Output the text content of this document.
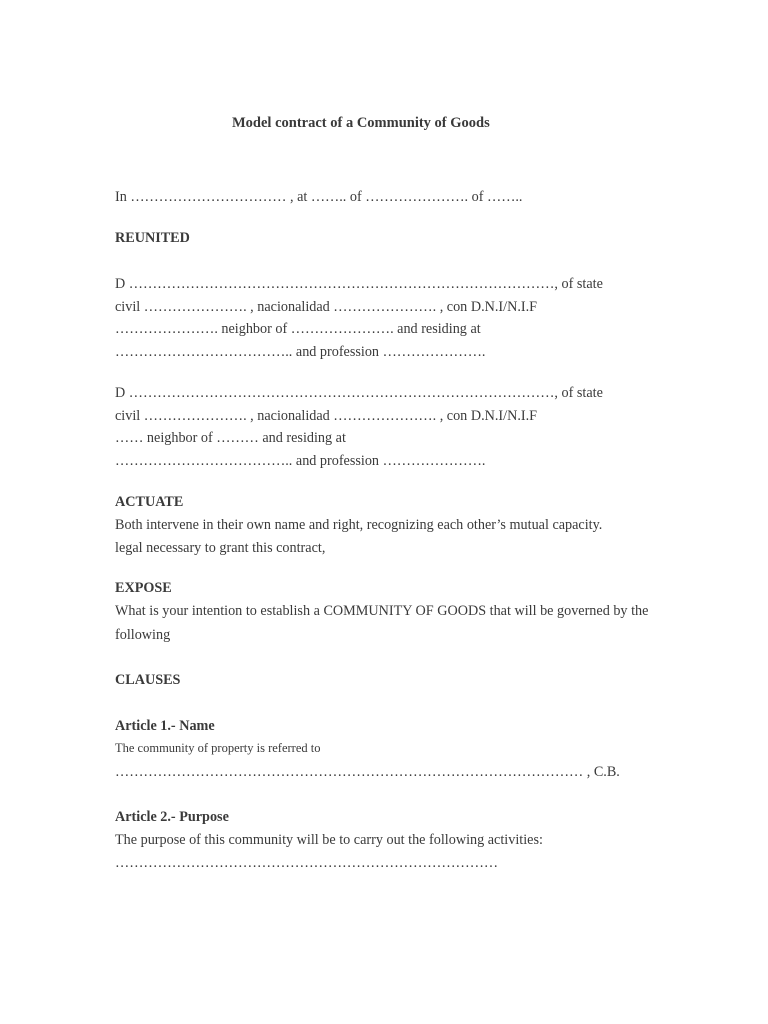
Model contract of a Community of Goods
In …………………………… , at …….. of …………………. of ……..
REUNITED
D ………………………………………………………………………………, of state
civil …………………. , nacionalidad …………………. , con D.N.I/N.I.F
…………………. neighbor of …………………. and residing at
……………………………….. and profession ………………….
D ………………………………………………………………………………, of state
civil …………………. , nacionalidad …………………. , con D.N.I/N.I.F
…… neighbor of ……… and residing at
……………………………….. and profession ………………….
ACTUATE
Both intervene in their own name and right, recognizing each other’s mutual capacity.
legal necessary to grant this contract,
EXPOSE
What is your intention to establish a COMMUNITY OF GOODS that will be governed by the
following
CLAUSES
Article 1.- Name
The community of property is referred to
……………………………………………………………………………………… , C.B.
Article 2.- Purpose
The purpose of this community will be to carry out the following activities:
………………………………………………………………………
